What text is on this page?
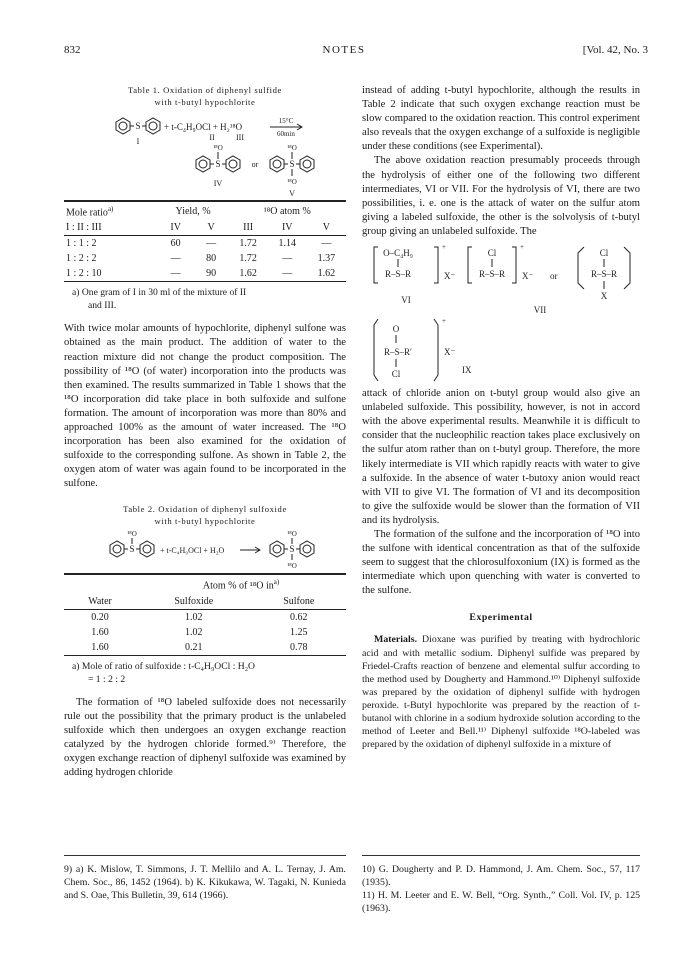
832	NOTES	[Vol. 42, No. 3
Table 1. Oxidation of diphenyl sulfide
with t-butyl hypochlorite
S	+ t-C₄H₉OCl + H₂¹⁸O
15°C
60min
I	II	III
S
¹⁸O
or	S
¹⁸O
¹⁸O
IV
V
Mole ratio$^{a)}$	Yield, %		¹⁸O atom %		
I : II : III	IV	V	III	IV	V
1 : 1 : 2	60	—	1.72	1.14	—
1 : 2 : 2	—	80	1.72	—	1.37
1 : 2 : 10	—	90	1.62	—	1.62
a) One gram of I in 30 ml of the mixture of II
and III.

With twice molar amounts of hypochlorite, diphenyl sulfone was obtained as the main product. The addition of water to the reaction mixture did not change the product composition. The possibility of ¹⁸O (of water) incorporation into the products was then examined. The results summarized in Table 1 shows that the ¹⁸O incorporation did take place in both sulfoxide and sulfone formation. The amount of incorporation was more than 80% and approached 100% as the amount of water increased. The ¹⁸O incorporation has been also examined for the oxidation of sulfoxide to the corresponding sulfone. As shown in Table 2, the oxygen atom of water was again found to be incorporated in the sulfone.

Table 2. Oxidation of diphenyl sulfoxide
with t-butyl hypochlorite
S
¹⁸O
+ t-C₄H₉OCl + H₂O	S
¹⁸O
¹⁸O
	Atom % of ¹⁸O $in^{a)}$
Water	Sulfoxide	Sulfone
0.20	1.02	0.62
1.60	1.02	1.25
1.60	0.21	0.78
a) Mole of ratio of sulfoxide : t-C₄H₉OCl : H₂O
= 1 : 2 : 2

The formation of ¹⁸O labeled sulfoxide does not necessarily rule out the possibility that the primary product is the unlabeled sulfoxide which then undergoes an oxygen exchange reaction catalyzed by the hydrogen chloride formed.⁹⁾ Therefore, the oxygen exchange reaction of diphenyl sulfoxide was examined by adding hydrogen chloride

9) a) K. Mislow, T. Simmons, J. T. Mellilo and A. L. Ternay, J. Am. Chem. Soc., 86, 1452 (1964). b) K. Kikukawa, W. Tagaki, N. Kunieda and S. Oae, This Bulletin, 39, 614 (1966).

instead of adding t-butyl hypochlorite, although the results in Table 2 indicate that such oxygen exchange reaction must be slow compared to the oxidation reaction. This control experiment also reveals that the oxygen exchange of a sulfoxide is negligible under these conditions (see Experimental).

The above oxidation reaction presumably proceeds through the hydrolysis of either one of the following two different intermediates, VI or VII. For the hydrolysis of VI, there are two possibilities, i. e. one is the attack of water on the sulfur atom giving a labeled sulfoxide, the other is the solvolysis of t-butyl group giving an unlabeled sulfoxide. The

O–C₄H₉
+
R–S–R	X⁻
VI
Cl
+
R–S–R X⁻ or
Cl
R–S–R
X
VII
O
+
R–S–R′	X⁻
Cl	IX

attack of chloride anion on t-butyl group would also give an unlabeled sulfoxide. This possibility, however, is not in accord with the above experimental results. Meanwhile it is difficult to consider that the nucleophilic reaction takes place exclusively on the sulfur atom rather than on t-butyl group. Therefore, the more likely intermediate is VII which rapidly reacts with water to give a sulfoxide. In the absence of water t-butoxy anion would react with VII to give VI. The formation of VI and its decomposition to give the sulfoxide would be slower than the formation of VII and its hydrolysis.

The formation of the sulfone and the incorporation of ¹⁸O into the sulfone with identical concentration as that of the sulfoxide seem to suggest that the chlorosulfoxonium (IX) is formed as the intermediate which upon quenching with water is converted to the sulfone.

Experimental

Materials. Dioxane was purified by treating with hydrochloric acid and with metallic sodium. Diphenyl sulfide was prepared by Friedel-Crafts reaction of benzene and elemental sulfur according to the method used by Dougherty and Hammond.¹⁰⁾ Diphenyl sulfoxide was prepared by the oxidation of diphenyl sulfide with hydrogen peroxide. t-Butyl hypochlorite was prepared by the reaction of t-butanol with chlorine in a sodium hydroxide solution according to the method of Leeter and Bell.¹¹⁾ Diphenyl sulfoxide ¹⁸O-labeled was prepared by the oxidation of diphenyl sulfoxide in a mixture of

10) G. Dougherty and P. D. Hammond, J. Am. Chem. Soc., 57, 117 (1935).

11) H. M. Leeter and E. W. Bell, “Org. Synth.,” Coll. Vol. IV, p. 125 (1963).
